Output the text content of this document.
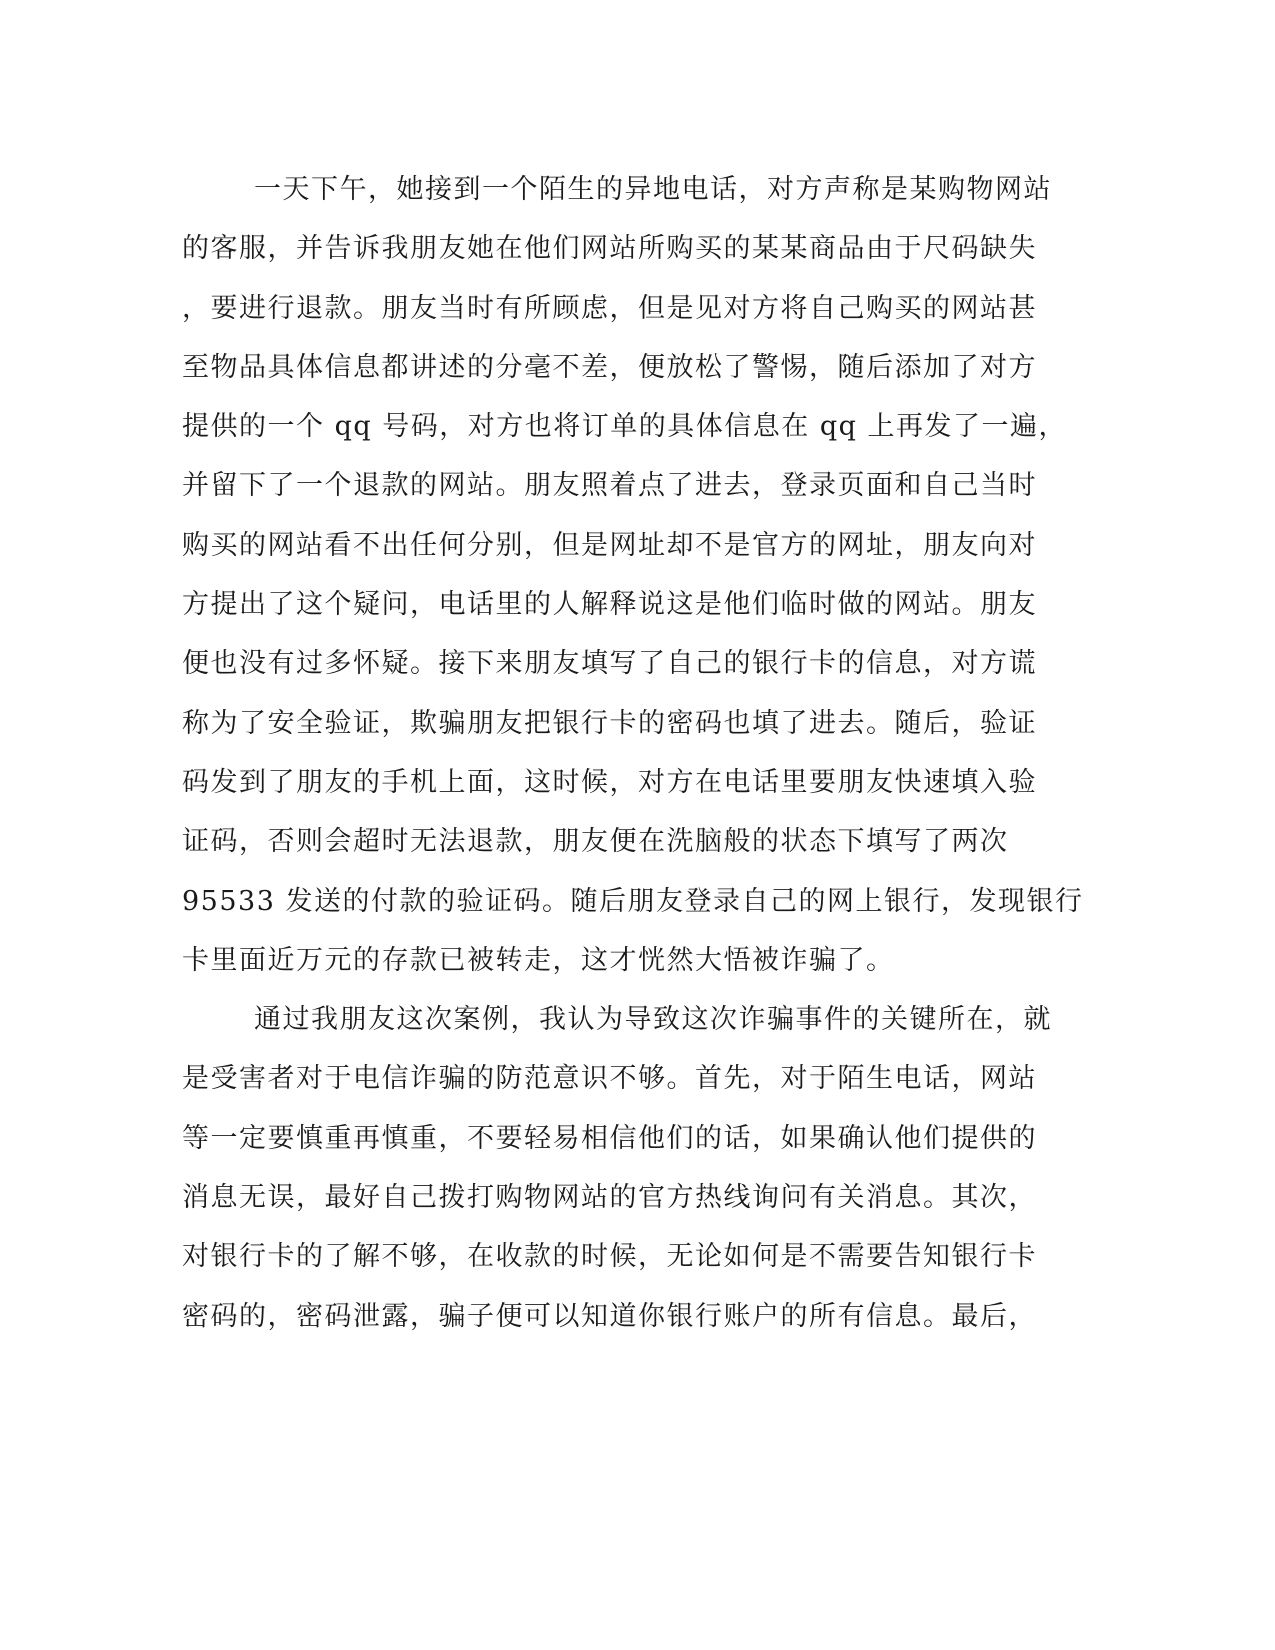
一天下午，她接到一个陌生的异地电话，对方声称是某购物网站
的客服，并告诉我朋友她在他们网站所购买的某某商品由于尺码缺失
，要进行退款。朋友当时有所顾虑，但是见对方将自己购买的网站甚
至物品具体信息都讲述的分毫不差，便放松了警惕，随后添加了对方
提供的一个 qq 号码，对方也将订单的具体信息在 qq 上再发了一遍，
并留下了一个退款的网站。朋友照着点了进去，登录页面和自己当时
购买的网站看不出任何分别，但是网址却不是官方的网址，朋友向对
方提出了这个疑问，电话里的人解释说这是他们临时做的网站。朋友
便也没有过多怀疑。接下来朋友填写了自己的银行卡的信息，对方谎
称为了安全验证，欺骗朋友把银行卡的密码也填了进去。随后，验证
码发到了朋友的手机上面，这时候，对方在电话里要朋友快速填入验
证码，否则会超时无法退款，朋友便在洗脑般的状态下填写了两次
95533 发送的付款的验证码。随后朋友登录自己的网上银行，发现银行
卡里面近万元的存款已被转走，这才恍然大悟被诈骗了。
通过我朋友这次案例，我认为导致这次诈骗事件的关键所在，就
是受害者对于电信诈骗的防范意识不够。首先，对于陌生电话，网站
等一定要慎重再慎重，不要轻易相信他们的话，如果确认他们提供的
消息无误，最好自己拨打购物网站的官方热线询问有关消息。其次，
对银行卡的了解不够，在收款的时候，无论如何是不需要告知银行卡
密码的，密码泄露，骗子便可以知道你银行账户的所有信息。最后，
